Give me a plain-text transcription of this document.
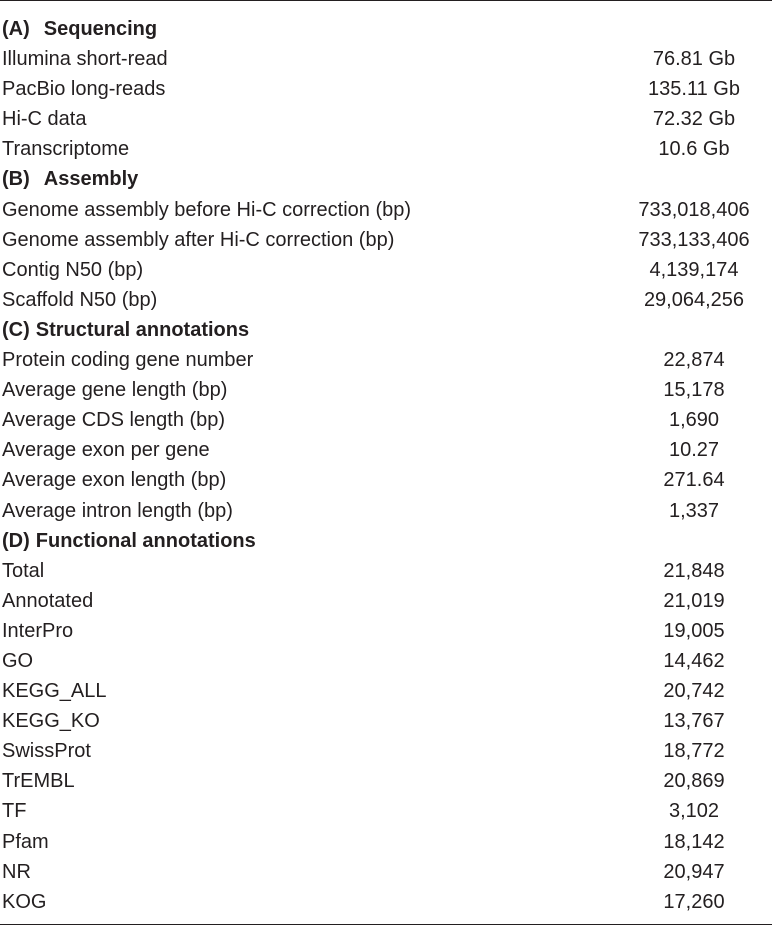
(A) Sequencing
Illumina short-read	76.81 Gb
PacBio long-reads	135.11 Gb
Hi-C data	72.32 Gb
Transcriptome	10.6 Gb
(B) Assembly
Genome assembly before Hi-C correction (bp)	733,018,406
Genome assembly after Hi-C correction (bp)	733,133,406
Contig N50 (bp)	4,139,174
Scaffold N50 (bp)	29,064,256
(C) Structural annotations
Protein coding gene number	22,874
Average gene length (bp)	15,178
Average CDS length (bp)	1,690
Average exon per gene	10.27
Average exon length (bp)	271.64
Average intron length (bp)	1,337
(D) Functional annotations
Total	21,848
Annotated	21,019
InterPro	19,005
GO	14,462
KEGG_ALL	20,742
KEGG_KO	13,767
SwissProt	18,772
TrEMBL	20,869
TF	3,102
Pfam	18,142
NR	20,947
KOG	17,260
